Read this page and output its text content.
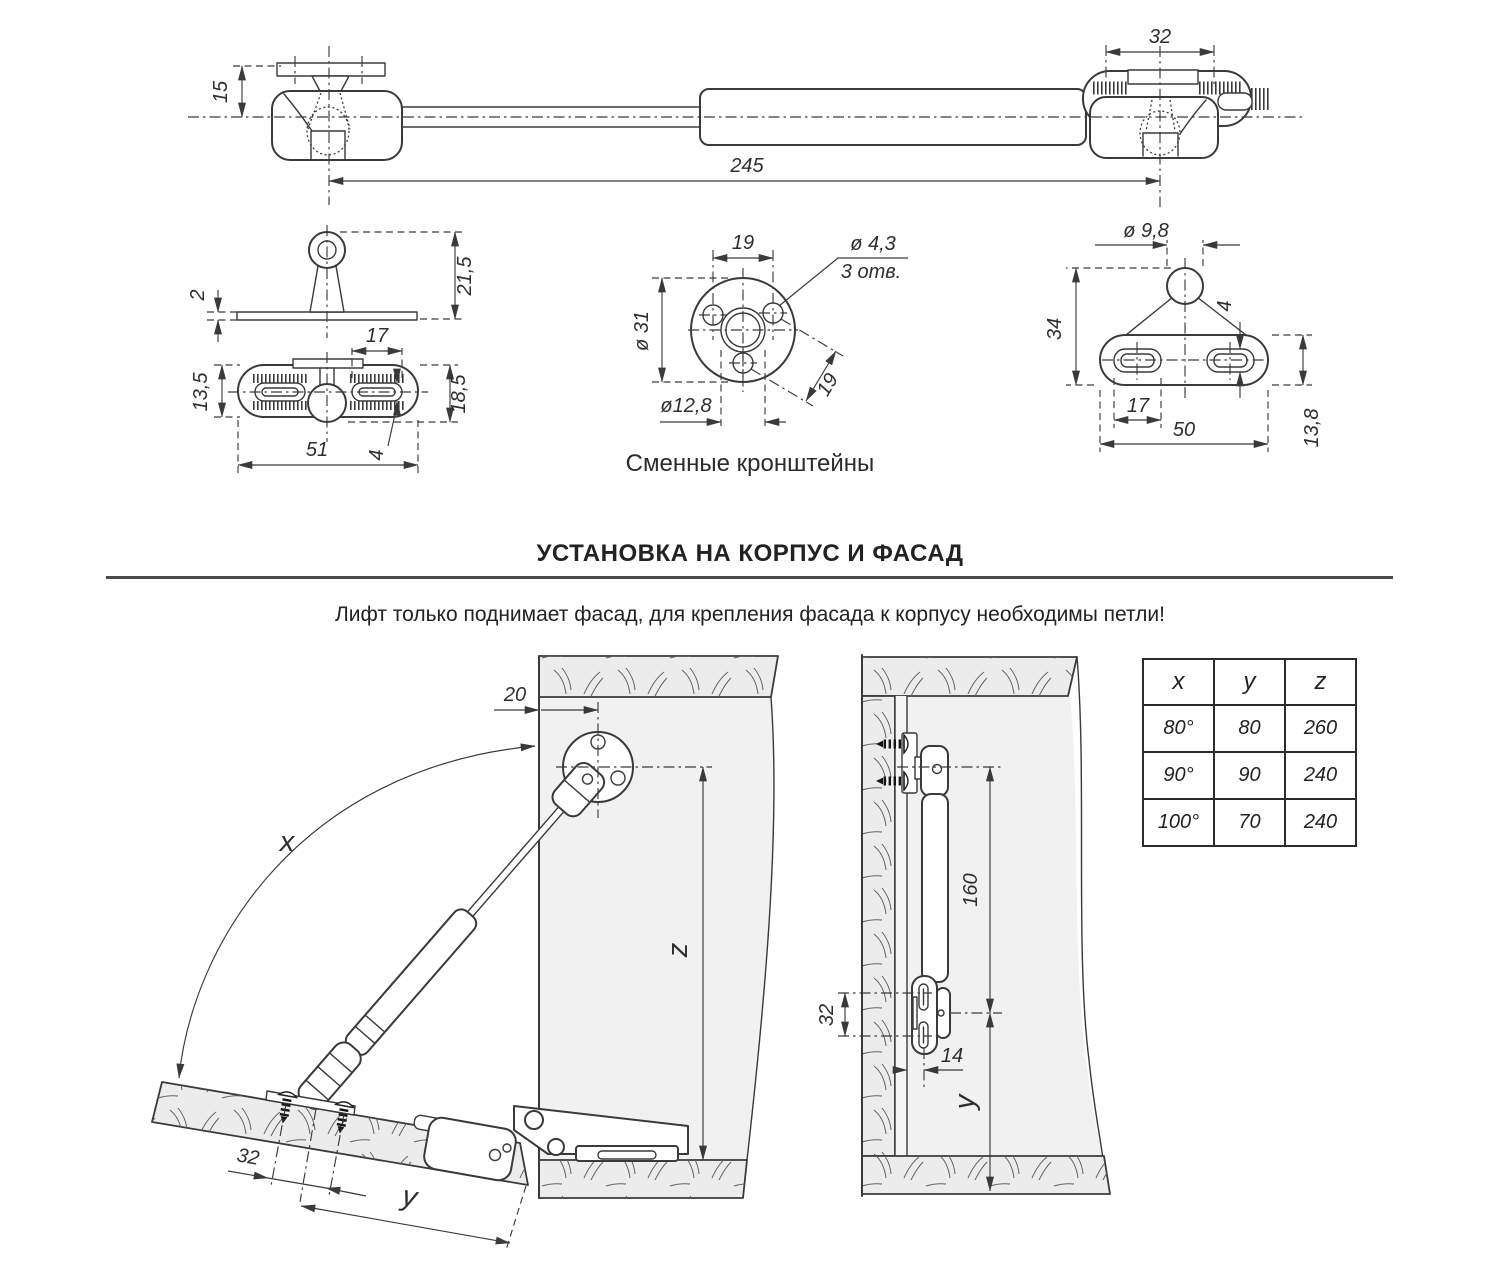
15
32
245
2	21,5
17
13,5	18,5
4
51
19
ø 31
ø 4,3
3 отв.
19
ø12,8
ø 9,8
34
4
17
50	13,8
20
z
x
32
y
160
y
32
14
Сменные кронштейны
УСТАНОВКА НА КОРПУС И ФАСАД
Лифт только поднимает фасад, для крепления фасада к корпусу необходимы петли!
x	y	z
80°	80	260
90°	90	240
100°	70	240
